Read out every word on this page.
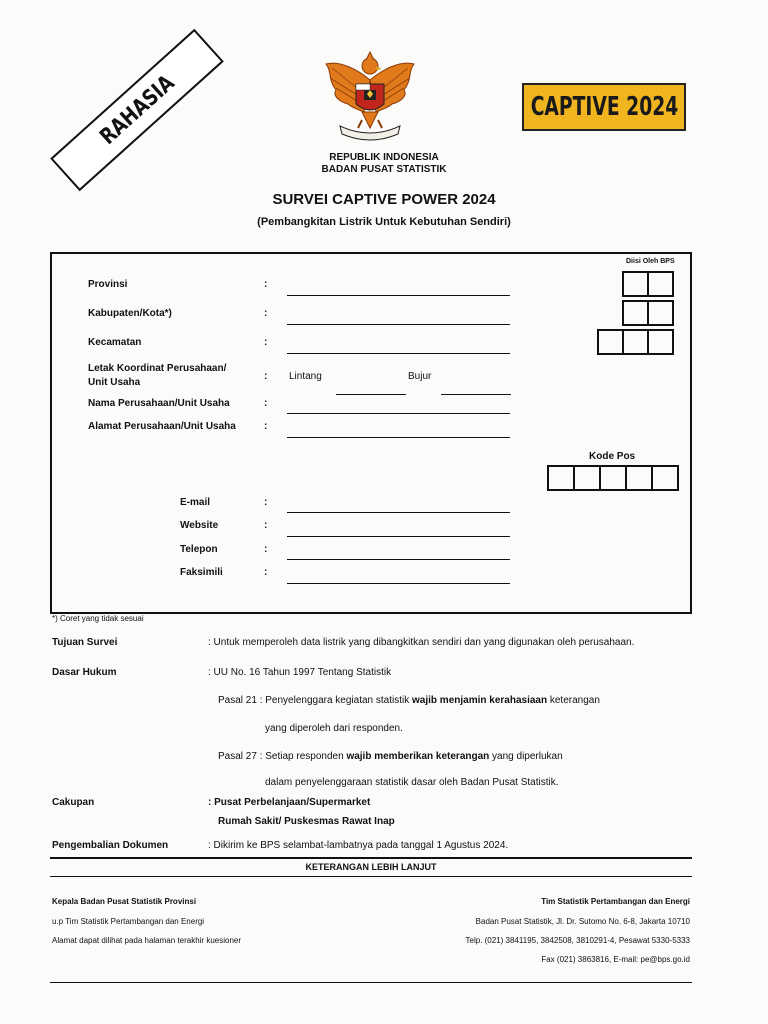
RAHASIA	CAPTIVE 2024
REPUBLIK INDONESIA
BADAN PUSAT STATISTIK
SURVEI CAPTIVE POWER 2024
(Pembangkitan Listrik Untuk Kebutuhan Sendiri)
Diisi Oleh BPS
Provinsi	:
Kabupaten/Kota*)	:
Kecamatan	:
Letak Koordinat Perusahaan/
Unit Usaha
: Lintang	Bujur
Nama Perusahaan/Unit Usaha	:
Alamat Perusahaan/Unit Usaha	:
Kode Pos
E-mail	:
Website	:
Telepon	:
Faksimili	:
*) Coret yang tidak sesuai
Tujuan Survei	: Untuk memperoleh data listrik yang dibangkitkan sendiri dan yang digunakan oleh perusahaan.
Dasar Hukum	: UU No. 16 Tahun 1997 Tentang Statistik
Pasal 21 : Penyelenggara kegiatan statistik wajib menjamin kerahasiaan keterangan
yang diperoleh dari responden.
Pasal 27 : Setiap responden wajib memberikan keterangan yang diperlukan
dalam penyelenggaraan statistik dasar oleh Badan Pusat Statistik.
Cakupan	: Pusat Perbelanjaan/Supermarket
Rumah Sakit/ Puskesmas Rawat Inap
Pengembalian Dokumen	: Dikirim ke BPS selambat-lambatnya pada tanggal 1 Agustus 2024.
KETERANGAN LEBIH LANJUT
Kepala Badan Pusat Statistik Provinsi
u.p Tim Statistik Pertambangan dan Energi
Alamat dapat dilihat pada halaman terakhir kuesioner
Tim Statistik Pertambangan dan Energi
Badan Pusat Statistik, Jl. Dr. Sutomo No. 6-8, Jakarta 10710
Telp. (021) 3841195, 3842508, 3810291-4, Pesawat 5330-5333
Fax (021) 3863816, E-mail: pe@bps.go.id
